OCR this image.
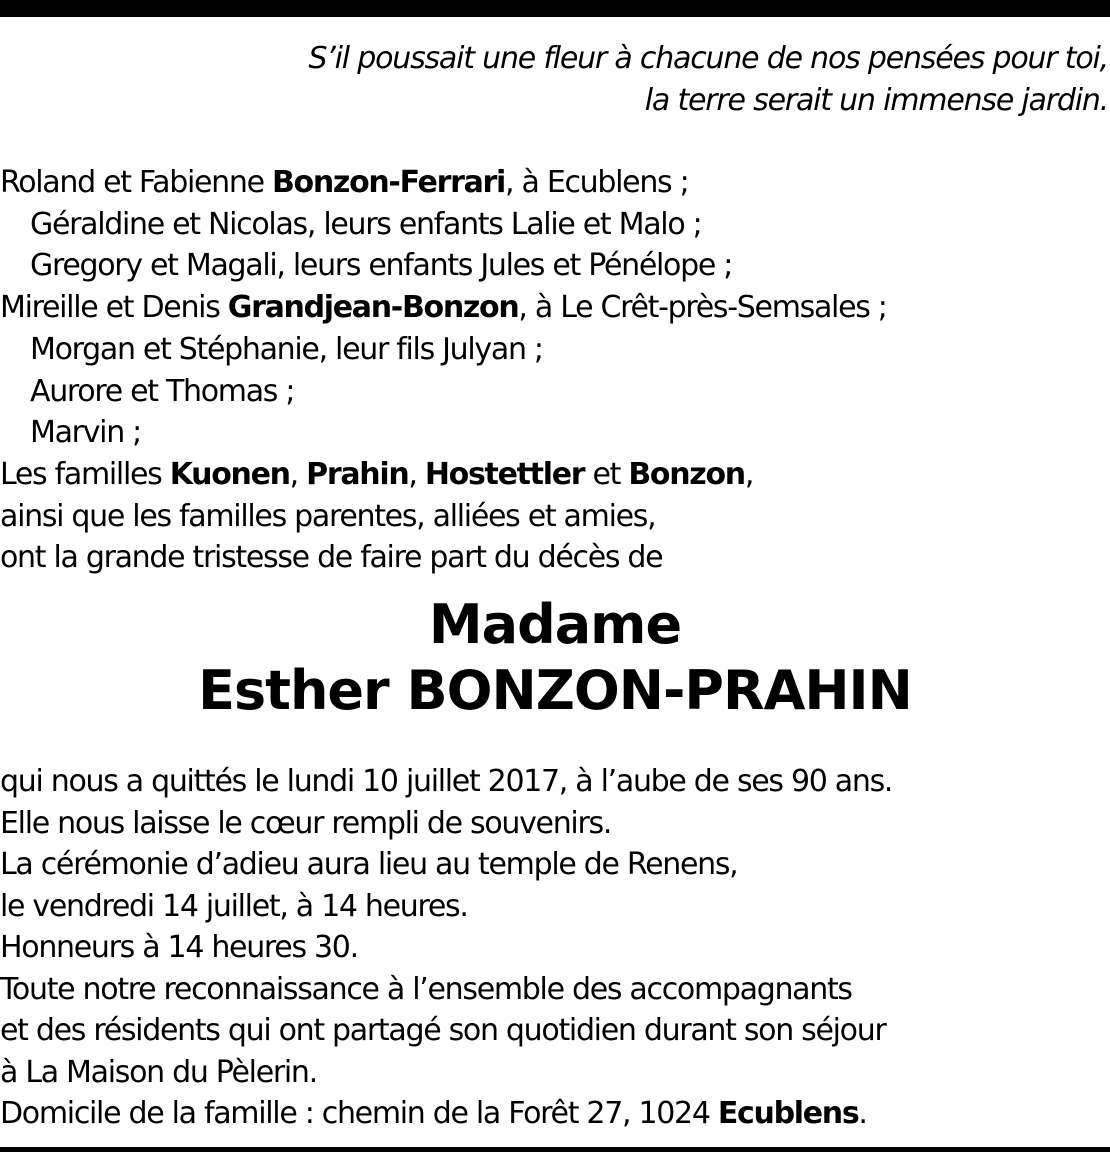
S’il poussait une fleur à chacune de nos pensées pour toi,
la terre serait un immense jardin.
Roland et Fabienne Bonzon-Ferrari, à Ecublens ;
Géraldine et Nicolas, leurs enfants Lalie et Malo ;
Gregory et Magali, leurs enfants Jules et Pénélope ;
Mireille et Denis Grandjean-Bonzon, à Le Crêt-près-Semsales ;
Morgan et Stéphanie, leur fils Julyan ;
Aurore et Thomas ;
Marvin ;
Les familles Kuonen, Prahin, Hostettler et Bonzon,
ainsi que les familles parentes, alliées et amies,
ont la grande tristesse de faire part du décès de
Madame
Esther BONZON-PRAHIN
qui nous a quittés le lundi 10 juillet 2017, à l’aube de ses 90 ans.
Elle nous laisse le cœur rempli de souvenirs.
La cérémonie d’adieu aura lieu au temple de Renens,
le vendredi 14 juillet, à 14 heures.
Honneurs à 14 heures 30.
Toute notre reconnaissance à l’ensemble des accompagnants
et des résidents qui ont partagé son quotidien durant son séjour
à La Maison du Pèlerin.
Domicile de la famille : chemin de la Forêt 27, 1024 Ecublens.
